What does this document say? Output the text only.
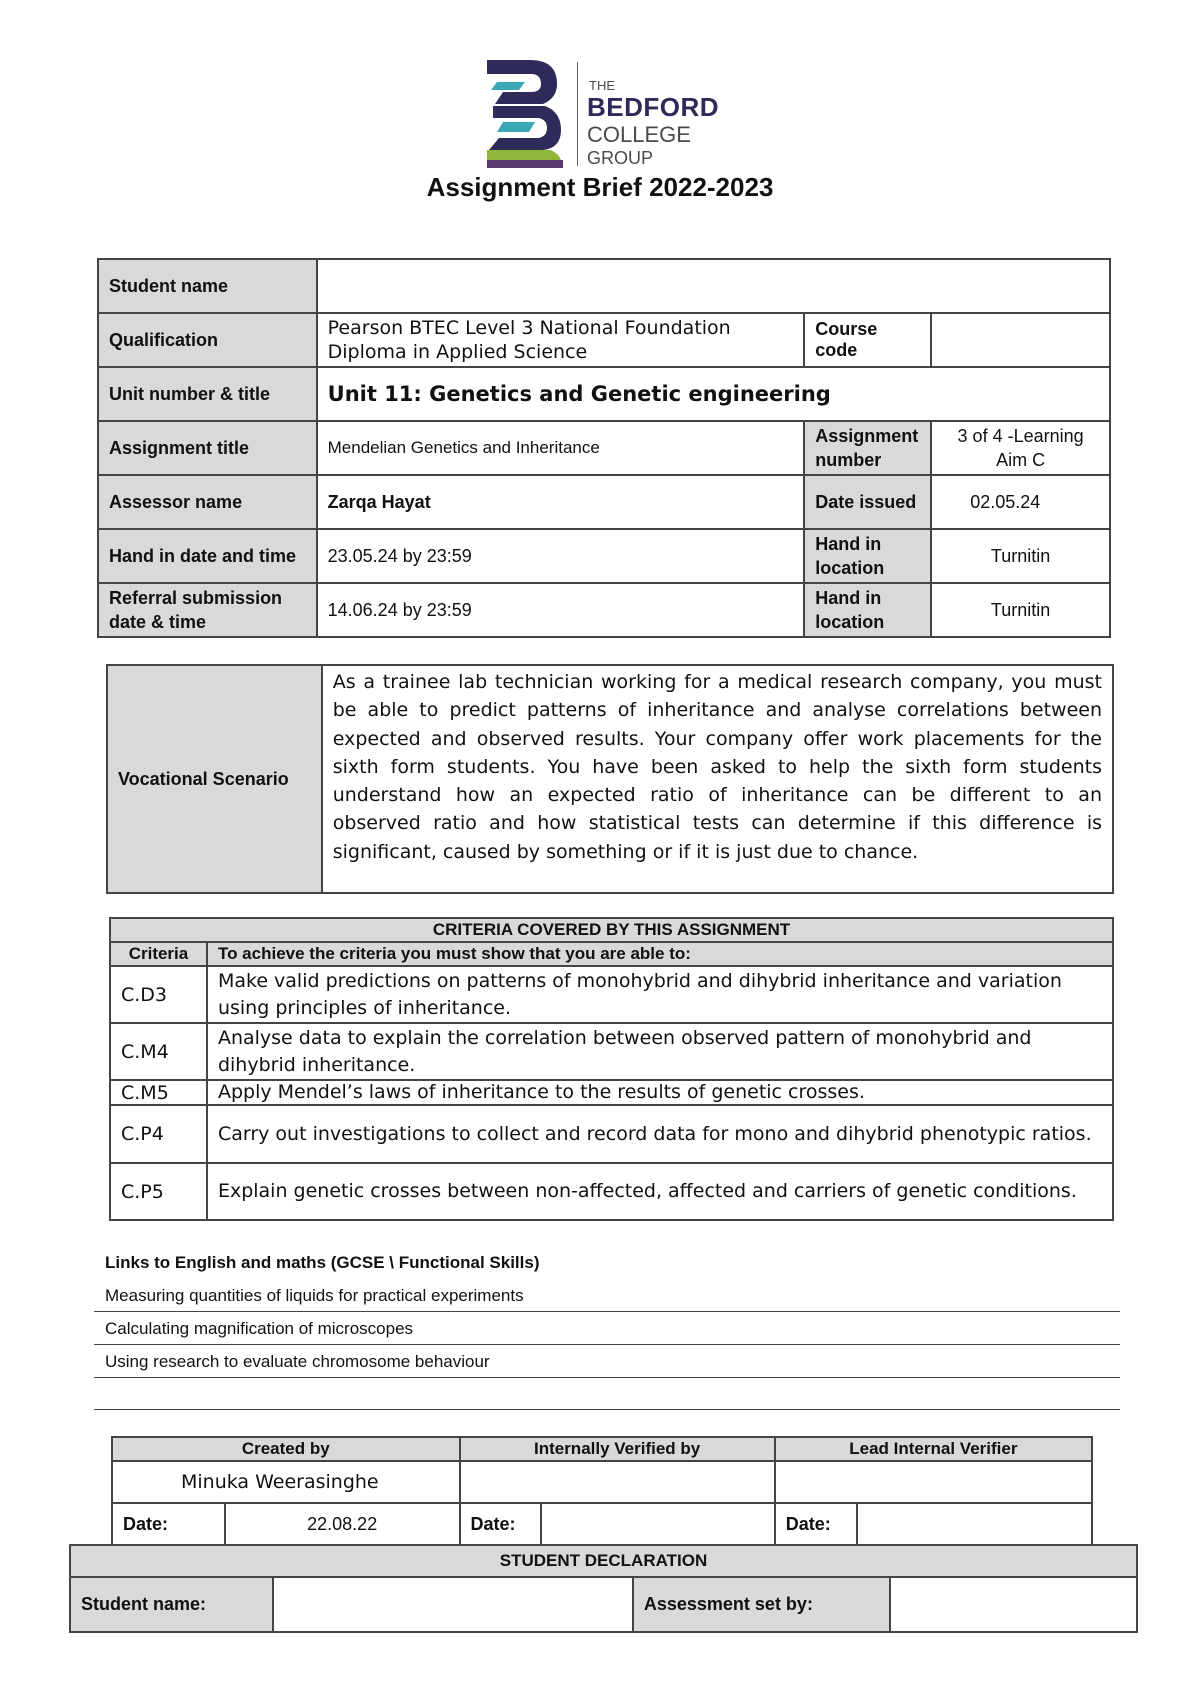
THE
BEDFORD
COLLEGE
GROUP
Assignment Brief 2022-2023
Student name			
Qualification	Pearson BTEC Level 3 National Foundation Diploma in Applied Science	Course code	
Unit number & title	Unit 11: Genetics and Genetic engineering		
Assignment title	Mendelian Genetics and Inheritance	Assignment number	3 of 4 -Learning Aim C
Assessor name	Zarqa Hayat	Date issued	02.05.24
Hand in date and time	23.05.24 by 23:59	Hand in location	Turnitin
Referral submission date & time	14.06.24 by 23:59	Hand in location	Turnitin
Vocational Scenario	As a trainee lab technician working for a medical research company, you must be able to predict patterns of inheritance and analyse correlations between expected and observed results. Your company offer work placements for the sixth form students. You have been asked to help the sixth form students understand how an expected ratio of inheritance can be different to an observed ratio and how statistical tests can determine if this difference is significant, caused by something or if it is just due to chance.
CRITERIA COVERED BY THIS ASSIGNMENT	
Criteria	To achieve the criteria you must show that you are able to:
C.D3	Make valid predictions on patterns of monohybrid and dihybrid inheritance and variation using principles of inheritance.
C.M4	Analyse data to explain the correlation between observed pattern of monohybrid and dihybrid inheritance.
C.M5	Apply Mendel’s laws of inheritance to the results of genetic crosses.
C.P4	Carry out investigations to collect and record data for mono and dihybrid phenotypic ratios.
C.P5	Explain genetic crosses between non-affected, affected and carriers of genetic conditions.
Links to English and maths (GCSE \ Functional Skills)
Measuring quantities of liquids for practical experiments
Calculating magnification of microscopes
Using research to evaluate chromosome behaviour
Created by		Internally Verified by		Lead Internal Verifier	
Minuka Weerasinghe					
Date:	22.08.22	Date:		Date:	
STUDENT DECLARATION
Student name:		Assessment set by:	
